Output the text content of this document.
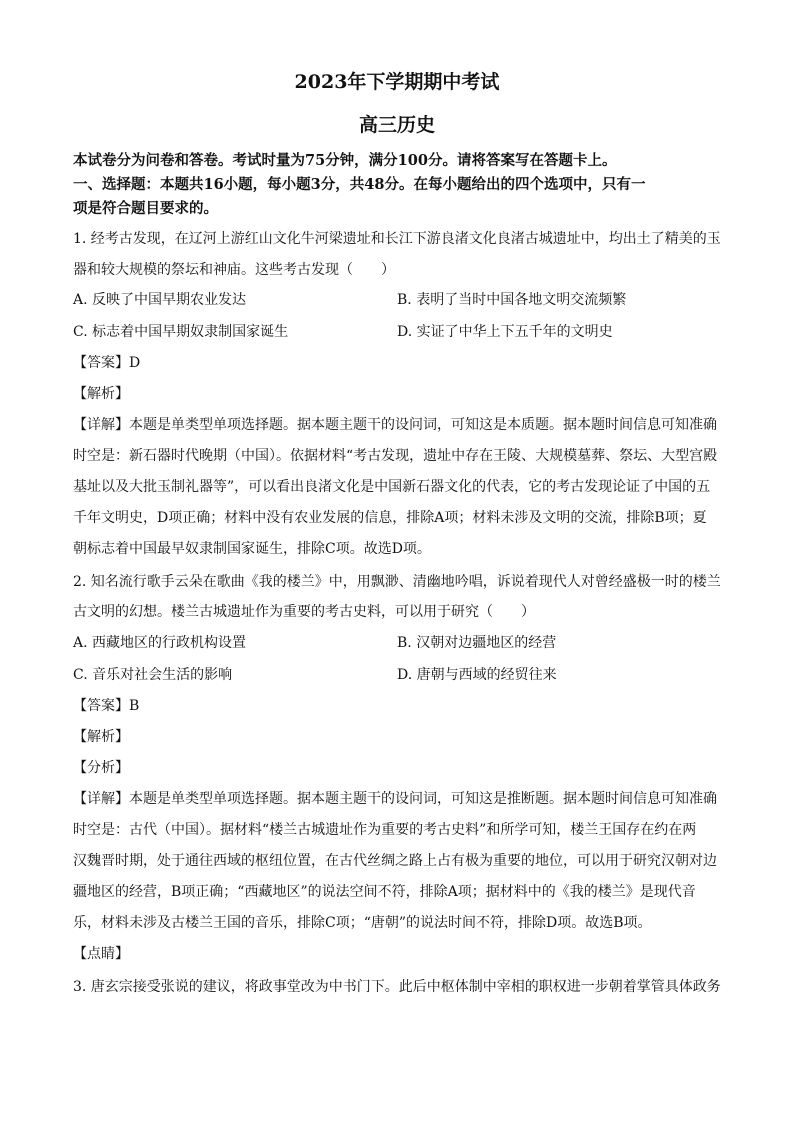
2023年下学期期中考试
高三历史
本试卷分为问卷和答卷。考试时量为75分钟，满分100分。请将答案写在答题卡上。
一、选择题：本题共16小题，每小题3分，共48分。在每小题给出的四个选项中，只有一
项是符合题目要求的。
1. 经考古发现，在辽河上游红山文化牛河梁遗址和长江下游良渚文化良渚古城遗址中，均出土了精美的玉
器和较大规模的祭坛和神庙。这些考古发现（　　）
A. 反映了中国早期农业发达	B. 表明了当时中国各地文明交流频繁
C. 标志着中国早期奴隶制国家诞生	D. 实证了中华上下五千年的文明史
【答案】D
【解析】
【详解】本题是单类型单项选择题。据本题主题干的设问词，可知这是本质题。据本题时间信息可知准确
时空是：新石器时代晚期（中国）。依据材料“考古发现，遗址中存在王陵、大规模墓葬、祭坛、大型宫殿
基址以及大批玉制礼器等”，可以看出良渚文化是中国新石器文化的代表，它的考古发现论证了中国的五
千年文明史，D项正确；材料中没有农业发展的信息，排除A项；材料未涉及文明的交流，排除B项；夏
朝标志着中国最早奴隶制国家诞生，排除C项。故选D项。
2. 知名流行歌手云朵在歌曲《我的楼兰》中，用飘渺、清幽地吟唱，诉说着现代人对曾经盛极一时的楼兰
古文明的幻想。楼兰古城遗址作为重要的考古史料，可以用于研究（　　）
A. 西藏地区的行政机构设置	B. 汉朝对边疆地区的经营
C. 音乐对社会生活的影响	D. 唐朝与西域的经贸往来
【答案】B
【解析】
【分析】
【详解】本题是单类型单项选择题。据本题主题干的设问词，可知这是推断题。据本题时间信息可知准确
时空是：古代（中国）。据材料“楼兰古城遗址作为重要的考古史料”和所学可知，楼兰王国存在约在两
汉魏晋时期，处于通往西域的枢纽位置，在古代丝绸之路上占有极为重要的地位，可以用于研究汉朝对边
疆地区的经营，B项正确；“西藏地区”的说法空间不符，排除A项；据材料中的《我的楼兰》是现代音
乐，材料未涉及古楼兰王国的音乐，排除C项；“唐朝”的说法时间不符，排除D项。故选B项。
【点睛】
3. 唐玄宗接受张说的建议，将政事堂改为中书门下。此后中枢体制中宰相的职权进一步朝着掌管具体政务
